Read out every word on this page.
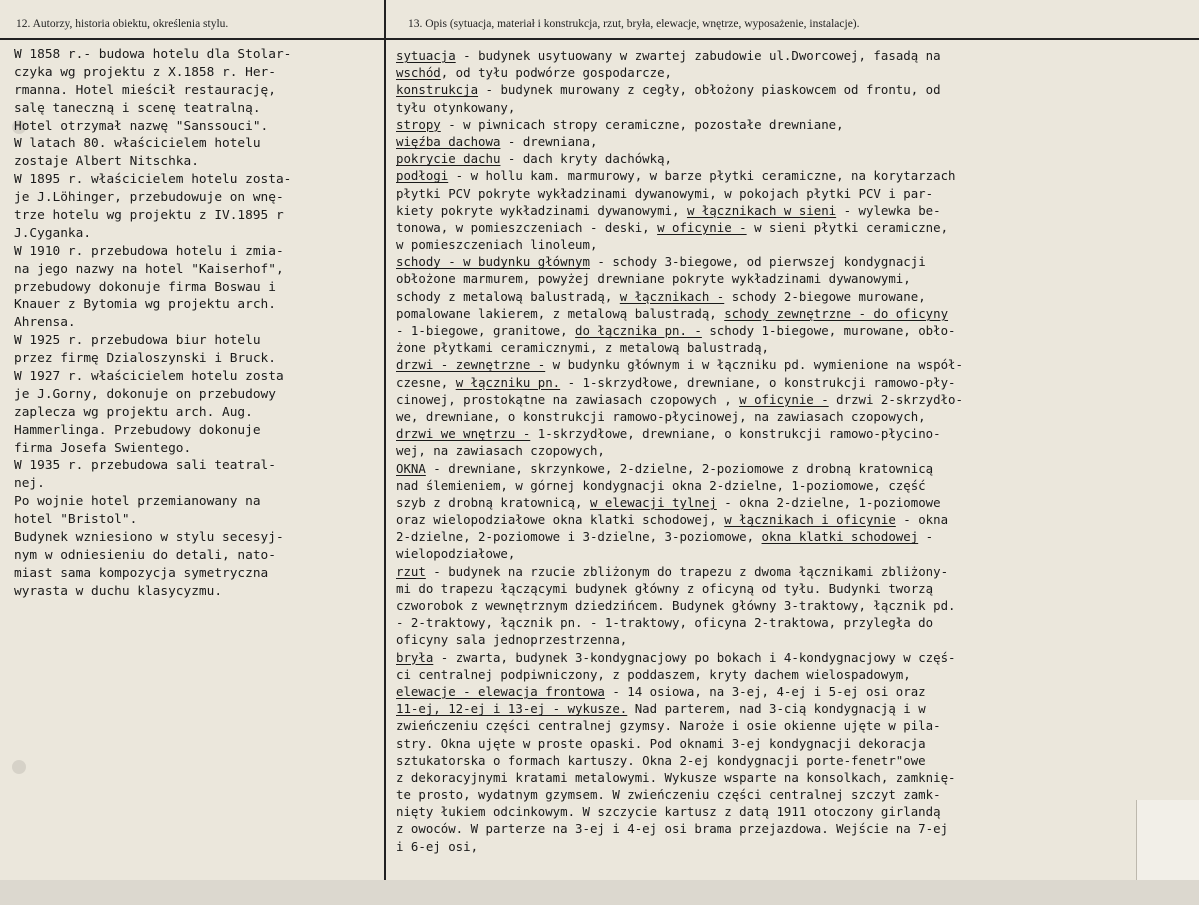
12. Autorzy, historia obiektu, określenia stylu.	13. Opis (sytuacja, materiał i konstrukcja, rzut, bryła, elewacje, wnętrze, wyposażenie, instalacje).
W 1858 r.- budowa hotelu dla Stolar-
czyka wg projektu z X.1858 r. Her-
rmanna. Hotel mieścił restaurację,
salę taneczną i scenę teatralną.
Hotel otrzymał nazwę "Sanssouci".
W latach 80. właścicielem hotelu
zostaje Albert Nitschka.
W 1895 r. właścicielem hotelu zosta-
je J.Löhinger, przebudowuje on wnę-
trze hotelu wg projektu z IV.1895 r
J.Cyganka.
W 1910 r. przebudowa hotelu i zmia-
na jego nazwy na hotel "Kaiserhof",
przebudowy dokonuje firma Boswau i
Knauer z Bytomia wg projektu arch.
Ahrensa.
W 1925 r. przebudowa biur hotelu
przez firmę Dzialoszynski i Bruck.
W 1927 r. właścicielem hotelu zosta
je J.Gorny, dokonuje on przebudowy
zaplecza wg projektu arch. Aug.
Hammerlinga. Przebudowy dokonuje
firma Josefa Swientego.
W 1935 r. przebudowa sali teatral-
nej.
Po wojnie hotel przemianowany na
hotel "Bristol".
Budynek wzniesiono w stylu secesyj-
nym w odniesieniu do detali, nato-
miast sama kompozycja symetryczna
wyrasta w duchu klasycyzmu.
sytuacja - budynek usytuowany w zwartej zabudowie ul.Dworcowej, fasadą na
wschód, od tyłu podwórze gospodarcze,
konstrukcja - budynek murowany z cegły, obłożony piaskowcem od frontu, od
tyłu otynkowany,
stropy - w piwnicach stropy ceramiczne, pozostałe drewniane,
więźba dachowa - drewniana,
pokrycie dachu - dach kryty dachówką,
podłogi - w hollu kam. marmurowy, w barze płytki ceramiczne, na korytarzach
płytki PCV pokryte wykładzinami dywanowymi, w pokojach płytki PCV i par-
kiety pokryte wykładzinami dywanowymi, w łącznikach w sieni - wylewka be-
tonowa, w pomieszczeniach - deski, w oficynie - w sieni płytki ceramiczne,
w pomieszczeniach linoleum,
schody - w budynku głównym - schody 3-biegowe, od pierwszej kondygnacji
obłożone marmurem, powyżej drewniane pokryte wykładzinami dywanowymi,
schody z metalową balustradą, w łącznikach - schody 2-biegowe murowane,
pomalowane lakierem, z metalową balustradą, schody zewnętrzne - do oficyny
- 1-biegowe, granitowe, do łącznika pn. - schody 1-biegowe, murowane, obło-
żone płytkami ceramicznymi, z metalową balustradą,
drzwi - zewnętrzne - w budynku głównym i w łączniku pd. wymienione na współ-
czesne, w łączniku pn. - 1-skrzydłowe, drewniane, o konstrukcji ramowo-pły-
cinowej, prostokątne na zawiasach czopowych , w oficynie - drzwi 2-skrzydło-
we, drewniane, o konstrukcji ramowo-płycinowej, na zawiasach czopowych,
drzwi we wnętrzu - 1-skrzydłowe, drewniane, o konstrukcji ramowo-płycino-
wej, na zawiasach czopowych,
OKNA - drewniane, skrzynkowe, 2-dzielne, 2-poziomowe z drobną kratownicą
nad ślemieniem, w górnej kondygnacji okna 2-dzielne, 1-poziomowe, część
szyb z drobną kratownicą, w elewacji tylnej - okna 2-dzielne, 1-poziomowe
oraz wielopodziałowe okna klatki schodowej, w łącznikach i oficynie - okna
2-dzielne, 2-poziomowe i 3-dzielne, 3-poziomowe, okna klatki schodowej -
wielopodziałowe,
rzut - budynek na rzucie zbliżonym do trapezu z dwoma łącznikami zbliżony-
mi do trapezu łączącymi budynek główny z oficyną od tyłu. Budynki tworzą
czworobok z wewnętrznym dziedzińcem. Budynek główny 3-traktowy, łącznik pd.
- 2-traktowy, łącznik pn. - 1-traktowy, oficyna 2-traktowa, przyległa do
oficyny sala jednoprzestrzenna,
bryła - zwarta, budynek 3-kondygnacjowy po bokach i 4-kondygnacjowy w częś-
ci centralnej podpiwniczony, z poddaszem, kryty dachem wielospadowym,
elewacje - elewacja frontowa - 14 osiowa, na 3-ej, 4-ej i 5-ej osi oraz
11-ej, 12-ej i 13-ej - wykusze. Nad parterem, nad 3-cią kondygnacją i w
zwieńczeniu części centralnej gzymsy. Naroże i osie okienne ujęte w pila-
stry. Okna ujęte w proste opaski. Pod oknami 3-ej kondygnacji dekoracja
sztukatorska o formach kartuszy. Okna 2-ej kondygnacji porte-fenetr"owe
z dekoracyjnymi kratami metalowymi. Wykusze wsparte na konsolkach, zamknię-
te prosto, wydatnym gzymsem. W zwieńczeniu części centralnej szczyt zamk-
nięty łukiem odcinkowym. W szczycie kartusz z datą 1911 otoczony girlandą
z owoców. W parterze na 3-ej i 4-ej osi brama przejazdowa. Wejście na 7-ej
i 6-ej osi,
